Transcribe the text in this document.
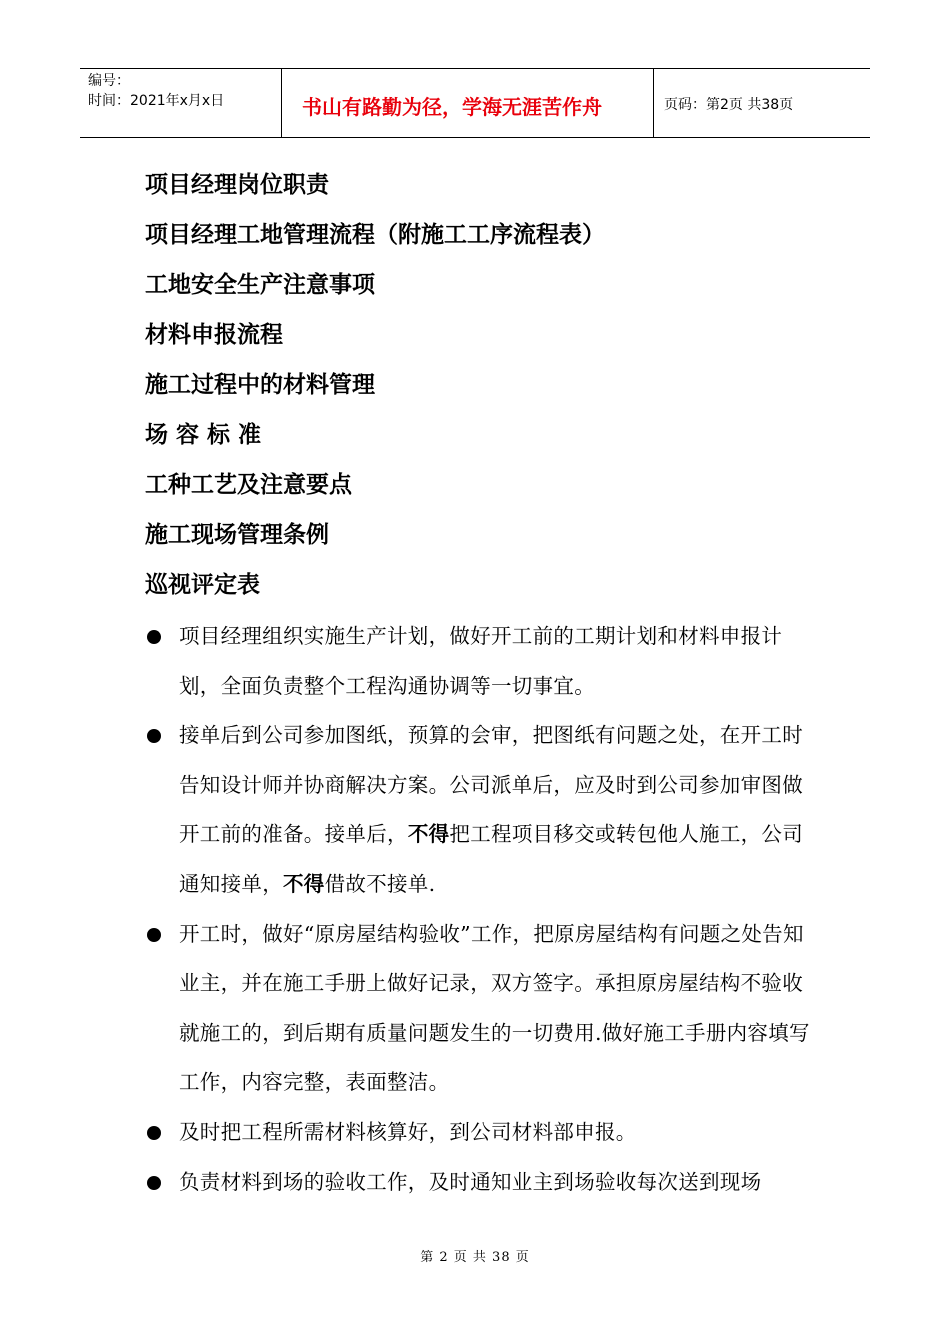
编号：
时间：2021年x月x日	书山有路勤为径，学海无涯苦作舟	页码：第2页 共38页
项目经理岗位职责
项目经理工地管理流程（附施工工序流程表）
工地安全生产注意事项
材料申报流程
施工过程中的材料管理
场 容 标 准
工种工艺及注意要点
施工现场管理条例
巡视评定表
项目经理组织实施生产计划，做好开工前的工期计划和材料申报计划，全面负责整个工程沟通协调等一切事宜。
接单后到公司参加图纸，预算的会审，把图纸有问题之处，在开工时告知设计师并协商解决方案。公司派单后，应及时到公司参加审图做开工前的准备。接单后，不得把工程项目移交或转包他人施工，公司通知接单，不得借故不接单.
开工时，做好“原房屋结构验收”工作，把原房屋结构有问题之处告知业主，并在施工手册上做好记录，双方签字。承担原房屋结构不验收就施工的，到后期有质量问题发生的一切费用.做好施工手册内容填写工作，内容完整，表面整洁。
及时把工程所需材料核算好，到公司材料部申报。
负责材料到场的验收工作，及时通知业主到场验收每次送到现场
第 2 页 共 38 页
